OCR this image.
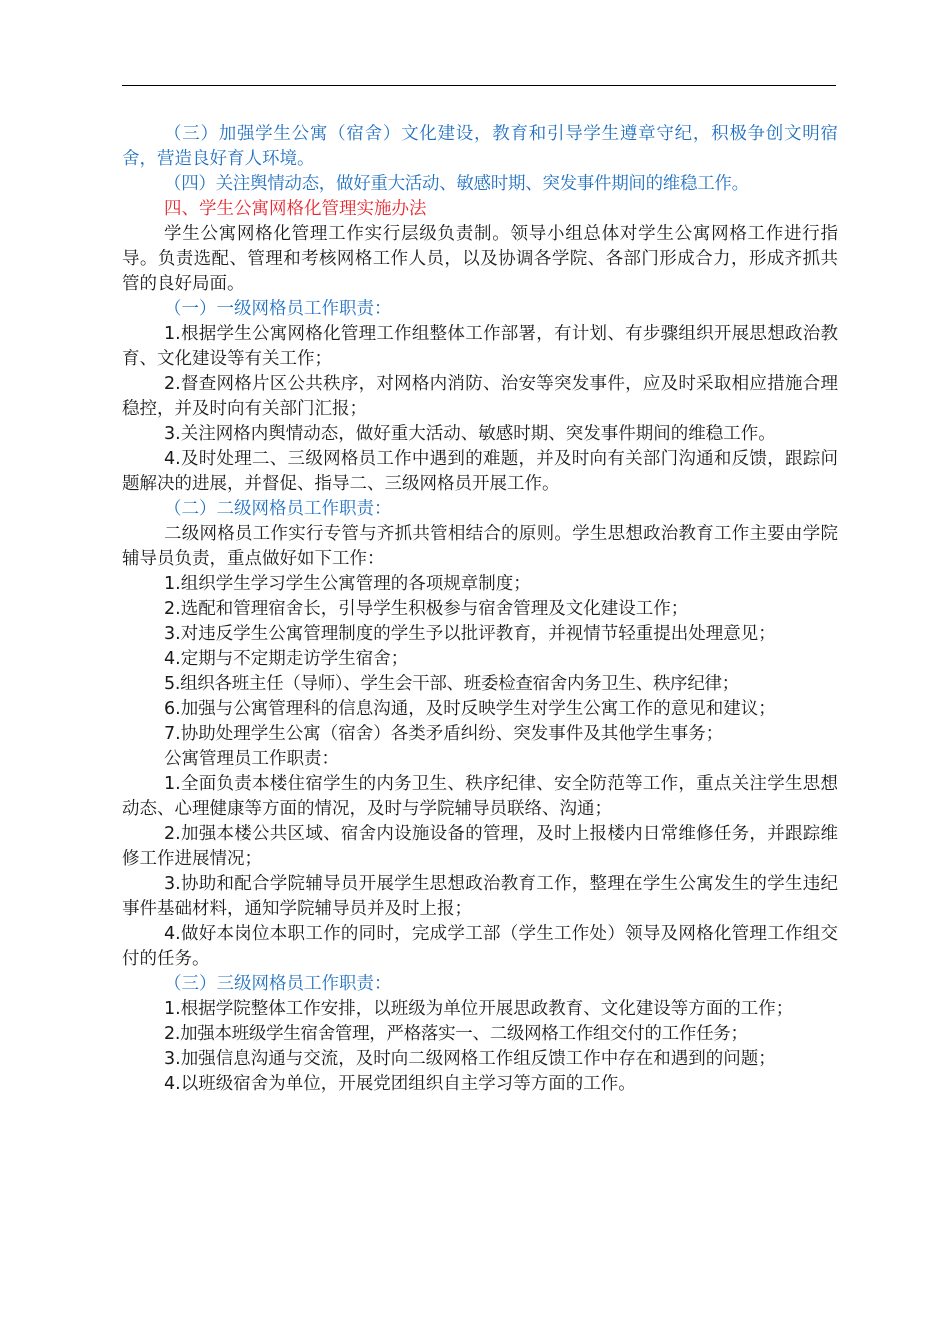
（三）加强学生公寓（宿舍）文化建设，教育和引导学生遵章守纪，积极争创文明宿舍，营造良好育人环境。

（四）关注舆情动态，做好重大活动、敏感时期、突发事件期间的维稳工作。

四、学生公寓网格化管理实施办法

学生公寓网格化管理工作实行层级负责制。领导小组总体对学生公寓网格工作进行指导。负责选配、管理和考核网格工作人员，以及协调各学院、各部门形成合力，形成齐抓共管的良好局面。

（一）一级网格员工作职责：

1.根据学生公寓网格化管理工作组整体工作部署，有计划、有步骤组织开展思想政治教育、文化建设等有关工作；

2.督查网格片区公共秩序，对网格内消防、治安等突发事件，应及时采取相应措施合理稳控，并及时向有关部门汇报；

3.关注网格内舆情动态，做好重大活动、敏感时期、突发事件期间的维稳工作。

4.及时处理二、三级网格员工作中遇到的难题，并及时向有关部门沟通和反馈，跟踪问题解决的进展，并督促、指导二、三级网格员开展工作。

（二）二级网格员工作职责：

二级网格员工作实行专管与齐抓共管相结合的原则。学生思想政治教育工作主要由学院辅导员负责，重点做好如下工作：

1.组织学生学习学生公寓管理的各项规章制度；

2.选配和管理宿舍长，引导学生积极参与宿舍管理及文化建设工作；

3.对违反学生公寓管理制度的学生予以批评教育，并视情节轻重提出处理意见；

4.定期与不定期走访学生宿舍；

5.组织各班主任（导师）、学生会干部、班委检查宿舍内务卫生、秩序纪律；

6.加强与公寓管理科的信息沟通，及时反映学生对学生公寓工作的意见和建议；

7.协助处理学生公寓（宿舍）各类矛盾纠纷、突发事件及其他学生事务；

公寓管理员工作职责：

1.全面负责本楼住宿学生的内务卫生、秩序纪律、安全防范等工作，重点关注学生思想动态、心理健康等方面的情况，及时与学院辅导员联络、沟通；

2.加强本楼公共区域、宿舍内设施设备的管理，及时上报楼内日常维修任务，并跟踪维修工作进展情况；

3.协助和配合学院辅导员开展学生思想政治教育工作，整理在学生公寓发生的学生违纪事件基础材料，通知学院辅导员并及时上报；

4.做好本岗位本职工作的同时，完成学工部（学生工作处）领导及网格化管理工作组交付的任务。

（三）三级网格员工作职责：

1.根据学院整体工作安排，以班级为单位开展思政教育、文化建设等方面的工作；

2.加强本班级学生宿舍管理，严格落实一、二级网格工作组交付的工作任务；

3.加强信息沟通与交流，及时向二级网格工作组反馈工作中存在和遇到的问题；

4.以班级宿舍为单位，开展党团组织自主学习等方面的工作。
